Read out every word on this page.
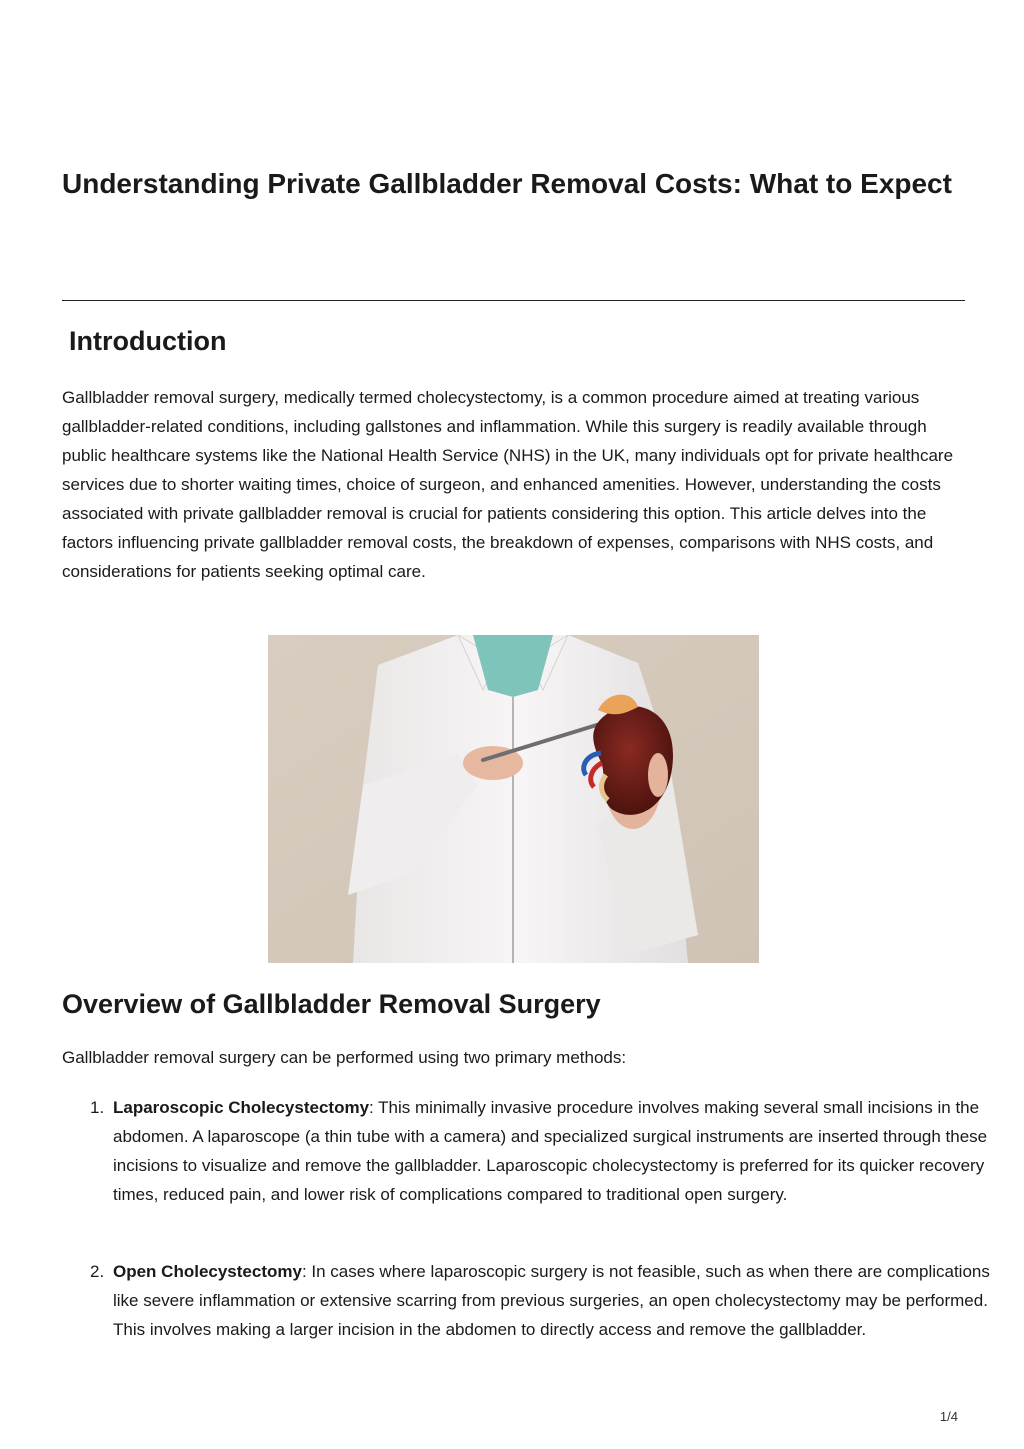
Understanding Private Gallbladder Removal Costs: What to Expect
Introduction

Gallbladder removal surgery, medically termed cholecystectomy, is a common procedure aimed at treating various gallbladder-related conditions, including gallstones and inflammation. While this surgery is readily available through public healthcare systems like the National Health Service (NHS) in the UK, many individuals opt for private healthcare services due to shorter waiting times, choice of surgeon, and enhanced amenities. However, understanding the costs associated with private gallbladder removal is crucial for patients considering this option. This article delves into the factors influencing private gallbladder removal costs, the breakdown of expenses, comparisons with NHS costs, and considerations for patients seeking optimal care.

Overview of Gallbladder Removal Surgery

Gallbladder removal surgery can be performed using two primary methods:

1. Laparoscopic Cholecystectomy: This minimally invasive procedure involves making several small incisions in the abdomen. A laparoscope (a thin tube with a camera) and specialized surgical instruments are inserted through these incisions to visualize and remove the gallbladder. Laparoscopic cholecystectomy is preferred for its quicker recovery times, reduced pain, and lower risk of complications compared to traditional open surgery.
2. Open Cholecystectomy: In cases where laparoscopic surgery is not feasible, such as when there are complications like severe inflammation or extensive scarring from previous surgeries, an open cholecystectomy may be performed. This involves making a larger incision in the abdomen to directly access and remove the gallbladder.
1/4
